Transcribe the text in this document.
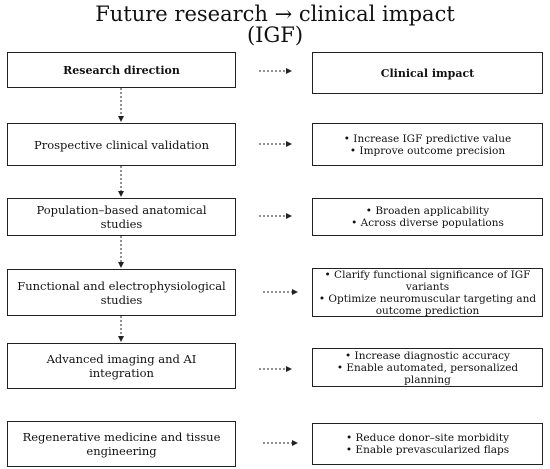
Future research → clinical impact
(IGF)
Research direction	Clinical impact
Prospective clinical validation	• Increase IGF predictive value
• Improve outcome precision
Population–based anatomical studies
• Broaden applicability
• Across diverse populations
Functional and electrophysiological studies
• Clarify functional significance of IGF
variants
• Optimize neuromuscular targeting and
outcome prediction
Advanced imaging and AI integration
• Increase diagnostic accuracy
• Enable automated, personalized planning
Regenerative medicine and tissue
engineering
• Reduce donor–site morbidity
• Enable prevascularized flaps
